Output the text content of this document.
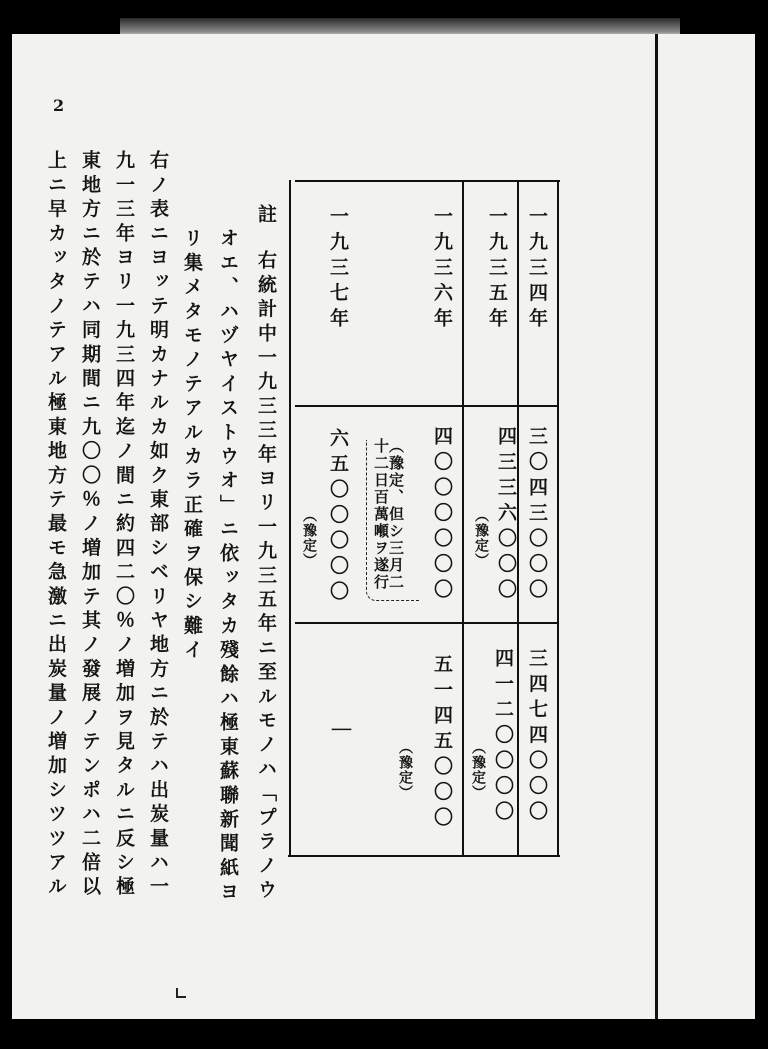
2
一九三四年
一九三五年
一九三六年
一九三七年
三〇四三〇〇〇
四三三六〇〇〇
（豫定）
四〇〇〇〇〇〇
（豫定、但シ三月二十二日百萬噸ヲ遂行
六五〇〇〇〇〇
（豫定）
三四七四〇〇〇
四一二〇〇〇〇
（豫定）
五一四五〇〇〇
（豫定）
｜
註
右統計中一九三三年ヨリ一九三五年ニ至ルモノハ「プラノウ
オエ、ハヅヤイストウオ」ニ依ッタカ殘餘ハ極東蘇聯新聞紙ヨ
リ集メタモノテアルカラ正確ヲ保シ難イ
右ノ表ニヨッテ明カナルカ如ク東部シベリヤ地方ニ於テハ出炭量ハ一
九一三年ヨリ一九三四年迄ノ間ニ約四二〇％ノ増加ヲ見タルニ反シ極
東地方ニ於テハ同期間ニ九〇〇％ノ増加テ其ノ發展ノテンポハ二倍以
上ニ早カッタノテアル極東地方テ最モ急激ニ出炭量ノ増加シツツアル
